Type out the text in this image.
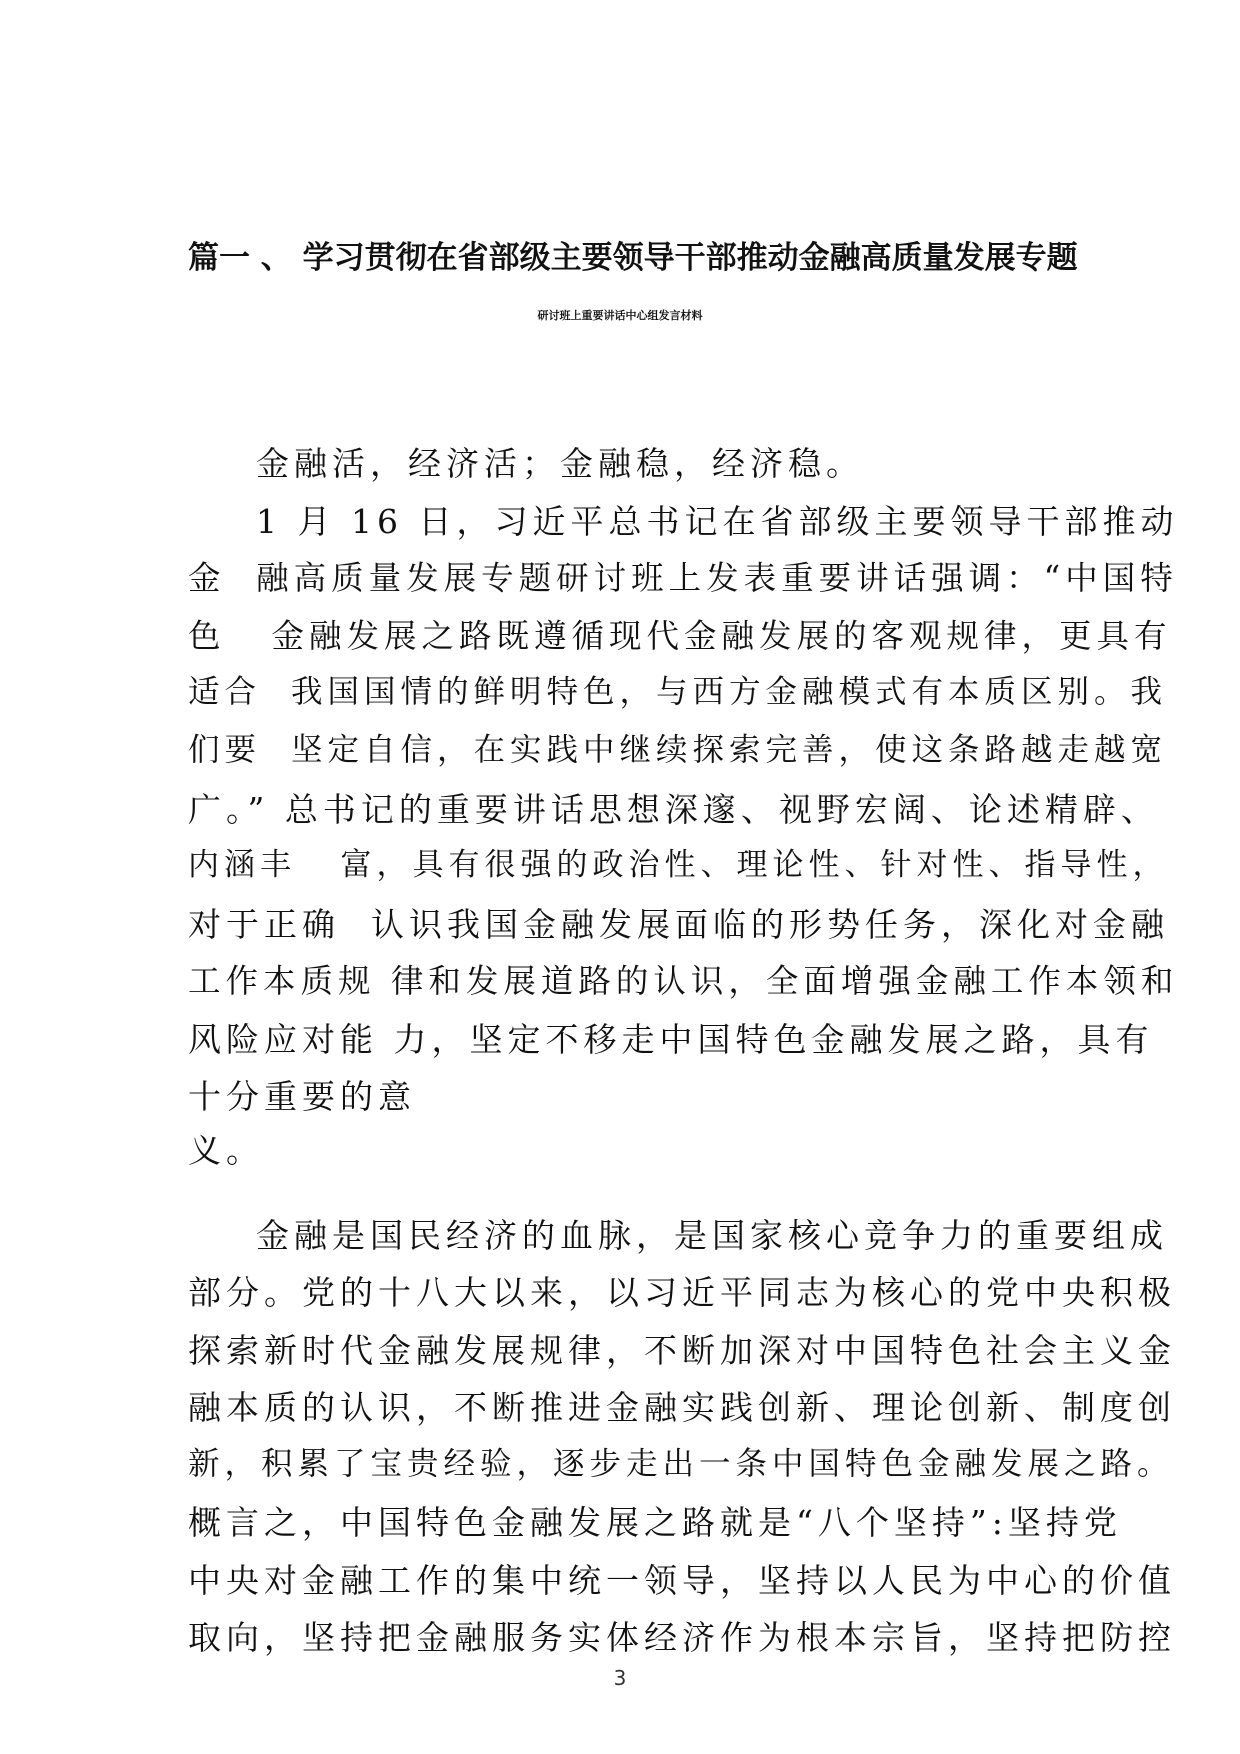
篇一 、 学习贯彻在省部级主要领导干部推动金融高质量发展专题
研讨班上重要讲话中心组发言材料
金融活，经济活；金融稳，经济稳。
1 月 16 日，习近平总书记在省部级主要领导干部推动
金  融高质量发展专题研讨班上发表重要讲话强调：“中国特
色   金融发展之路既遵循现代金融发展的客观规律，更具有
适合  我国国情的鲜明特色，与西方金融模式有本质区别。我
们要  坚定自信，在实践中继续探索完善，使这条路越走越宽
广。” 总书记的重要讲话思想深邃、视野宏阔、论述精辟、
内涵丰   富，具有很强的政治性、理论性、针对性、指导性，
对于正确  认识我国金融发展面临的形势任务，深化对金融
工作本质规 律和发展道路的认识，全面增强金融工作本领和
风险应对能 力，坚定不移走中国特色金融发展之路，具有
十分重要的意
义。
金融是国民经济的血脉，是国家核心竞争力的重要组成
部分。党的十八大以来，以习近平同志为核心的党中央积极
探索新时代金融发展规律，不断加深对中国特色社会主义金
融本质的认识，不断推进金融实践创新、理论创新、制度创
新，积累了宝贵经验，逐步走出一条中国特色金融发展之路。
概言之，中国特色金融发展之路就是“八个坚持”:坚持党
中央对金融工作的集中统一领导，坚持以人民为中心的价值
取向，坚持把金融服务实体经济作为根本宗旨，坚持把防控
3
